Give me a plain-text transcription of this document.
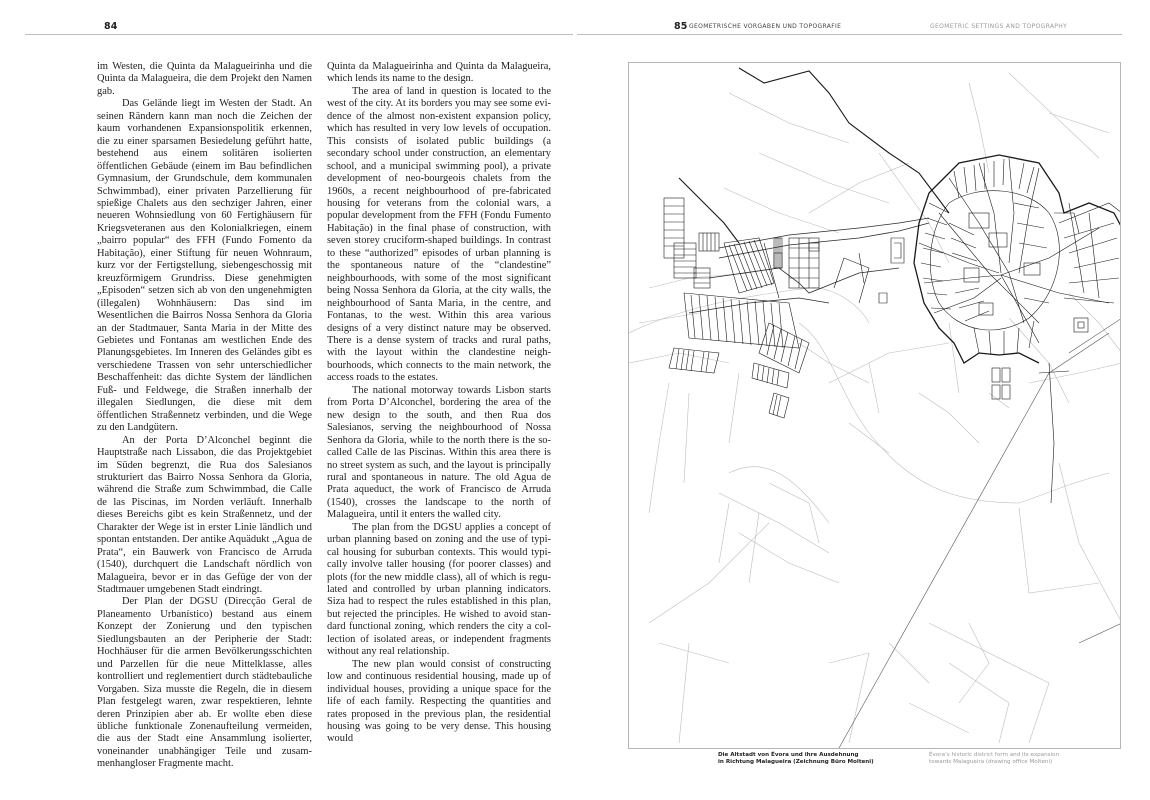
84	85 GEOMETRISCHE VORGABEN UND TOPOGRAFIE	GEOMETRIC SETTINGS AND TOPOGRAPHY

im Westen, die Quinta da Malagueirinha und die Quinta da Malagueira, die dem Projekt den Namen gab.

Das Gelände liegt im Westen der Stadt. An seinen Rändern kann man noch die Zeichen der kaum vorhandenen Expansionspolitik erkennen, die zu einer sparsamen Besiedelung geführt hatte, bestehend aus einem solitären isolierten öffentlichen Gebäude (einem im Bau befindlichen Gymnasium, der Grundschule, dem kommunalen Schwimmbad), einer privaten Parzellierung für spießige Chalets aus den sechziger Jahren, einer neueren Wohnsiedlung von 60 Fertighäusern für Kriegsveteranen aus den Kolonialkriegen, einem „bairro popular“ des FFH (Fundo Fomento da Habitação), einer Stiftung für neuen Wohnraum, kurz vor der Fertigstellung, siebengeschossig mit kreuzförmigem Grundriss. Diese genehmigten „Episoden“ setzen sich ab von den ungenehmigten (illegalen) Wohnhäusern: Das sind im Wesentlichen die Bairros Nossa Senhora da Gloria an der Stadtmauer, Santa Maria in der Mitte des Gebietes und Fontanas am westlichen Ende des Planungsgebietes. Im Inneren des Geländes gibt es verschiedene Trassen von sehr unterschiedlicher Beschaffenheit: das dichte System der ländlichen Fuß- und Feldwege, die Straßen innerhalb der illegalen Siedlungen, die diese mit dem öffentlichen Straßennetz verbinden, und die Wege zu den Landgütern.

An der Porta D’Alconchel beginnt die Hauptstraße nach Lissabon, die das Projektgebiet im Süden begrenzt, die Rua dos Salesianos strukturiert das Bairro Nossa Senhora da Gloria, während die Straße zum Schwimmbad, die Calle de las Piscinas, im Norden verläuft. Innerhalb dieses Bereichs gibt es kein Straßennetz, und der Charakter der Wege ist in erster Linie ländlich und spontan entstanden. Der antike Aquädukt „Agua de Prata“, ein Bauwerk von Francisco de Arruda (1540), durchquert die Landschaft nördlich von Malagueira, bevor er in das Gefüge der von der Stadtmauer umgebenen Stadt eindringt.

Der Plan der DGSU (Direcção Geral de Planeamento Urbanístico) bestand aus einem Konzept der Zonierung und den typischen Siedlungsbauten an der Peripherie der Stadt: Hochhäuser für die armen Bevölkerungsschichten und Parzellen für die neue Mittelklasse, alles kontrolliert und reglementiert durch städtebauliche Vorgaben. Siza musste die Regeln, die in diesem Plan festgelegt waren, zwar respektieren, lehnte deren Prinzipien aber ab. Er wollte eben diese übliche funktionale Zonenaufteilung vermeiden, die aus der Stadt eine Ansammlung isolierter, voneinander unabhängiger Teile und zusammenhangloser Fragmente macht.

Quinta da Malagueirinha and Quinta da Malagueira, which lends its name to the design.

The area of land in question is located to the west of the city. At its borders you may see some evidence of the almost non-existent expansion policy, which has resulted in very low levels of occupation. This consists of isolated public buildings (a secondary school under construction, an elementary school, and a municipal swimming pool), a private development of neo-bourgeois chalets from the 1960s, a recent neighbourhood of pre-fabricated housing for veterans from the colonial wars, a popular development from the FFH (Fondu Fumento Habitação) in the final phase of construction, with seven storey cruciform-shaped buildings. In contrast to these “authorized” episodes of urban planning is the spontaneous nature of the “clandestine” neighbourhoods, with some of the most significant being Nossa Senhora da Gloria, at the city walls, the neighbourhood of Santa Maria, in the centre, and Fontanas, to the west. Within this area various designs of a very distinct nature may be observed. There is a dense system of tracks and rural paths, with the layout within the clandestine neighbourhoods, which connects to the main network, the access roads to the estates.

The national motorway towards Lisbon starts from Porta D’Alconchel, bordering the area of the new design to the south, and then Rua dos Salesianos, serving the neighbourhood of Nossa Senhora da Gloria, while to the north there is the so-called Calle de las Piscinas. Within this area there is no street system as such, and the layout is principally rural and spontaneous in nature. The old Agua de Prata aqueduct, the work of Francisco de Arruda (1540), crosses the landscape to the north of Malagueira, until it enters the walled city.

The plan from the DGSU applies a concept of urban planning based on zoning and the use of typical housing for suburban contexts. This would typically involve taller housing (for poorer classes) and plots (for the new middle class), all of which is regulated and controlled by urban planning indicators. Siza had to respect the rules established in this plan, but rejected the principles. He wished to avoid standard functional zoning, which renders the city a collection of isolated areas, or independent fragments without any real relationship.

The new plan would consist of constructing low and continuous residential housing, made up of individual houses, providing a unique space for the life of each family. Respecting the quantities and rates proposed in the previous plan, the residential housing was going to be very dense. This housing would

Die Altstadt von Évora und ihre Ausdehnung
in Richtung Malagueira (Zeichnung Büro Molteni)
Évora’s historic district form and its expansion
towards Malagueira (drawing office Molteni)
